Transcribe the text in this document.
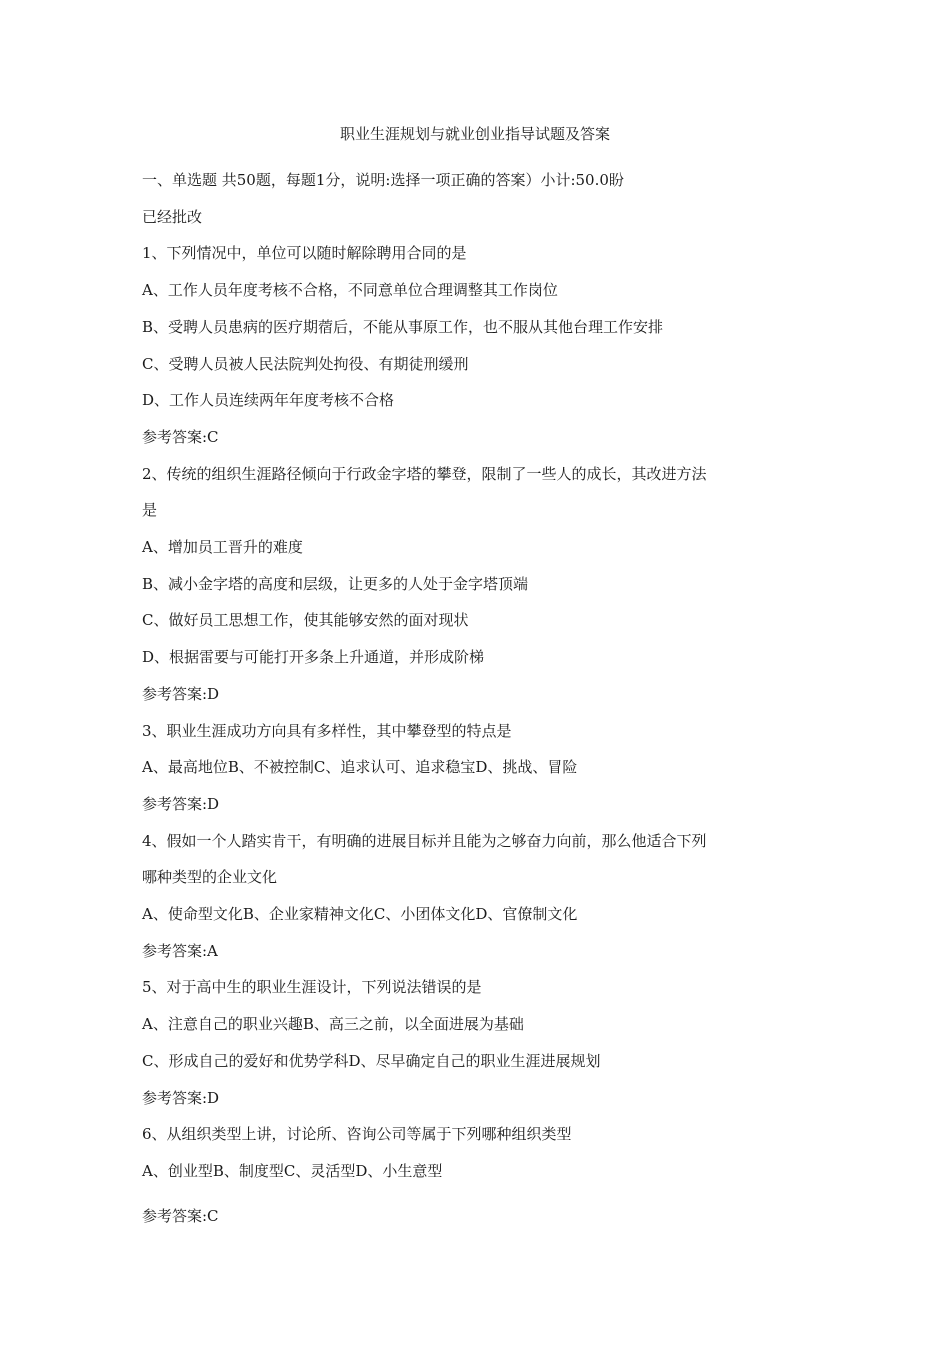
职业生涯规划与就业创业指导试题及答案

一、单选题 共50题，每题1分，说明:选择一项正确的答案）小计:50.0盼

已经批改

1、下列情况中，单位可以随时解除聘用合同的是

A、工作人员年度考核不合格，不同意单位合理调整其工作岗位

B、受聘人员患病的医疗期蓿后，不能从事原工作，也不服从其他台理工作安排

C、受聘人员被人民法院判处拘役、有期徒刑缓刑

D、工作人员连续两年年度考核不合格

参考答案:C

2、传统的组织生涯路径倾向于行政金字塔的攀登，限制了一些人的成长，其改进方法

是

A、增加员工晋升的难度

B、减小金字塔的高度和层级，让更多的人处于金字塔顶端

C、做好员工思想工作，使其能够安然的面对现状

D、根据雷要与可能打开多条上升通道，并形成阶梯

参考答案:D

3、职业生涯成功方向具有多样性，其中攀登型的特点是

A、最高地位B、不被控制C、追求认可、追求稳宝D、挑战、冒险

参考答案:D

4、假如一个人踏实肯干，有明确的进展目标并且能为之够奋力向前，那么他适合下列

哪种类型的企业文化

A、使命型文化B、企业家精神文化C、小团体文化D、官僚制文化

参考答案:A

5、对于高中生的职业生涯设计，下列说法错误的是

A、注意自己的职业兴趣B、高三之前，以全面进展为基础

C、形成自己的爱好和优势学科D、尽早确定自己的职业生涯进展规划

参考答案:D

6、从组织类型上讲，讨论所、咨询公司等属于下列哪种组织类型

A、创业型B、制度型C、灵活型D、小生意型

参考答案:C
